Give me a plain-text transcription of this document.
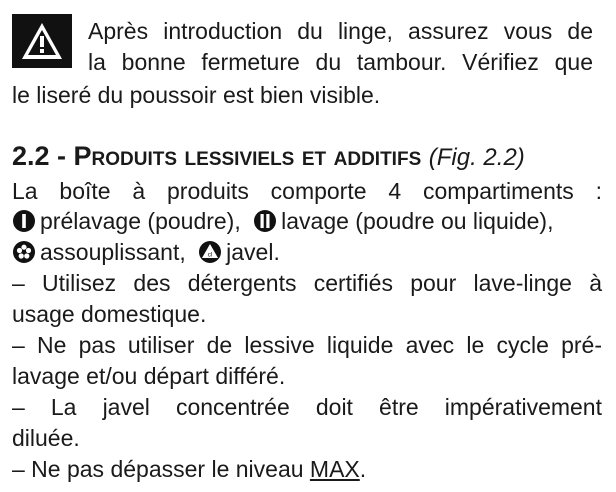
Après introduction du linge, assurez vous de
la bonne fermeture du tambour. Vérifiez que
le liseré du poussoir est bien visible.
2.2 - Produits lessiviels et additifs (Fig. 2.2)
La boîte à produits comporte 4 compartiments :
prélavage (poudre), lavage (poudre ou liquide),
assouplissant,	cl javel.
– Utilisez des détergents certifiés pour lave-linge à
usage domestique.
– Ne pas utiliser de lessive liquide avec le cycle pré-
lavage et/ou départ différé.
– La javel concentrée doit être impérativement
diluée.
– Ne pas dépasser le niveau MAX.
